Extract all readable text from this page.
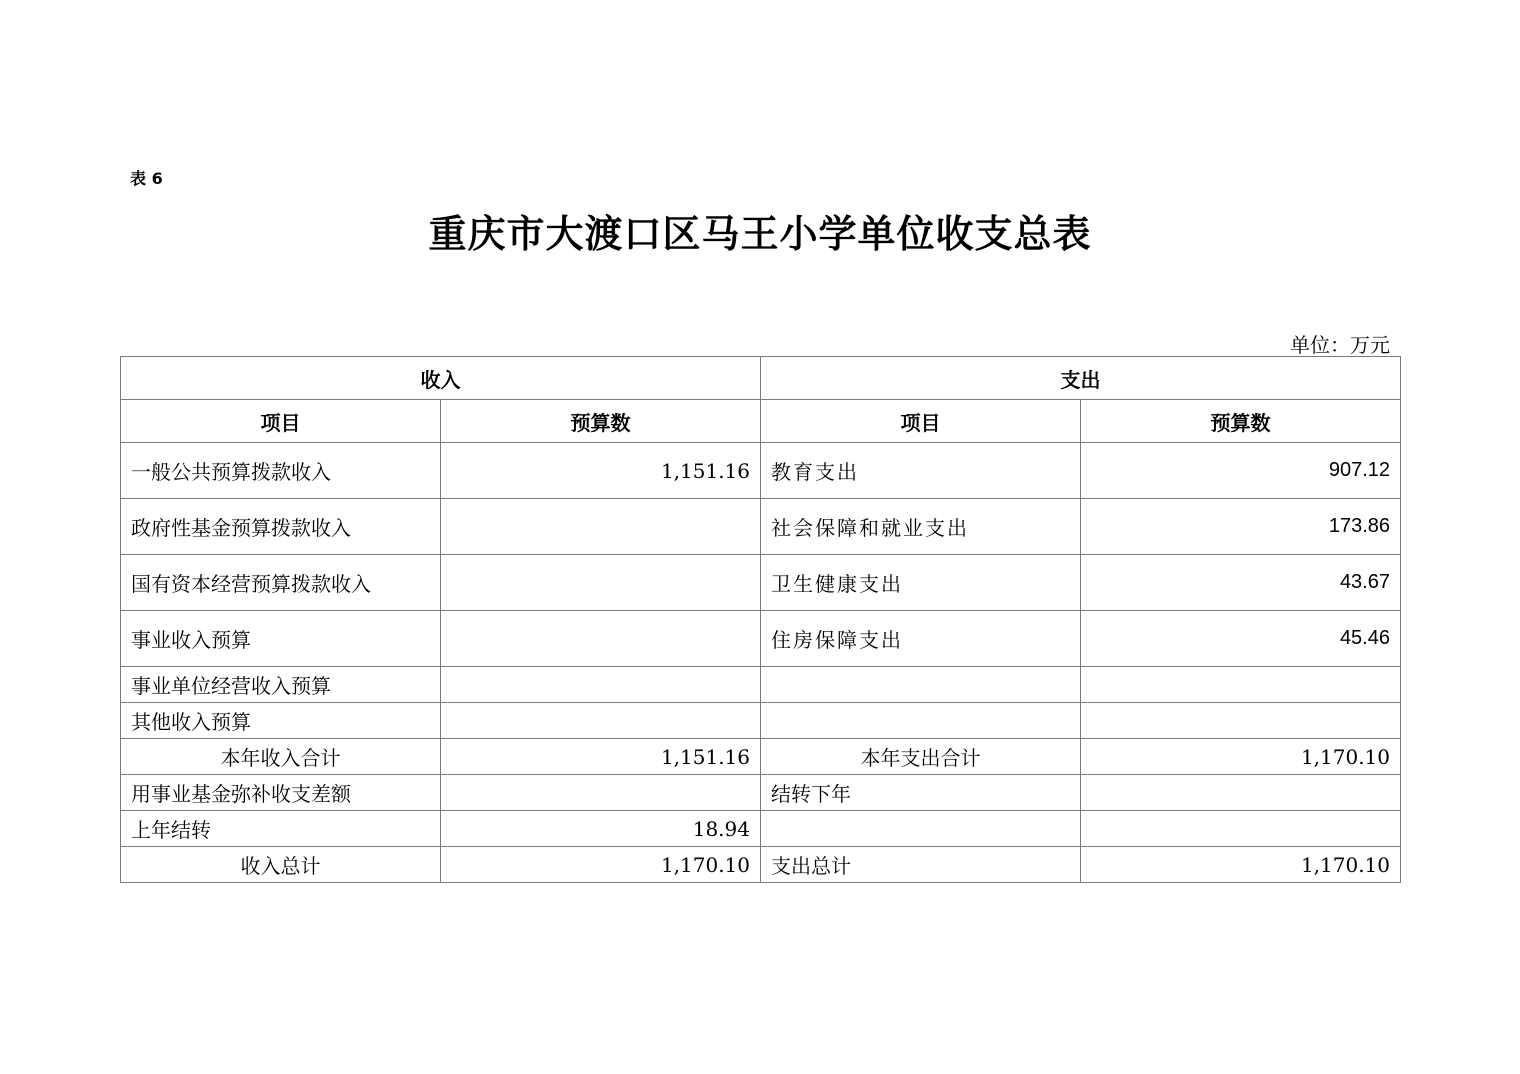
表 6
重庆市大渡口区马王小学单位收支总表
单位：万元
收入		支出	
项目	预算数	项目	预算数
一般公共预算拨款收入	1,151.16	教育支出	907.12
政府性基金预算拨款收入		社会保障和就业支出	173.86
国有资本经营预算拨款收入		卫生健康支出	43.67
事业收入预算		住房保障支出	45.46
事业单位经营收入预算			
其他收入预算			
本年收入合计	1,151.16	本年支出合计	1,170.10
用事业基金弥补收支差额		结转下年	
上年结转	18.94		
收入总计	1,170.10	支出总计	1,170.10
